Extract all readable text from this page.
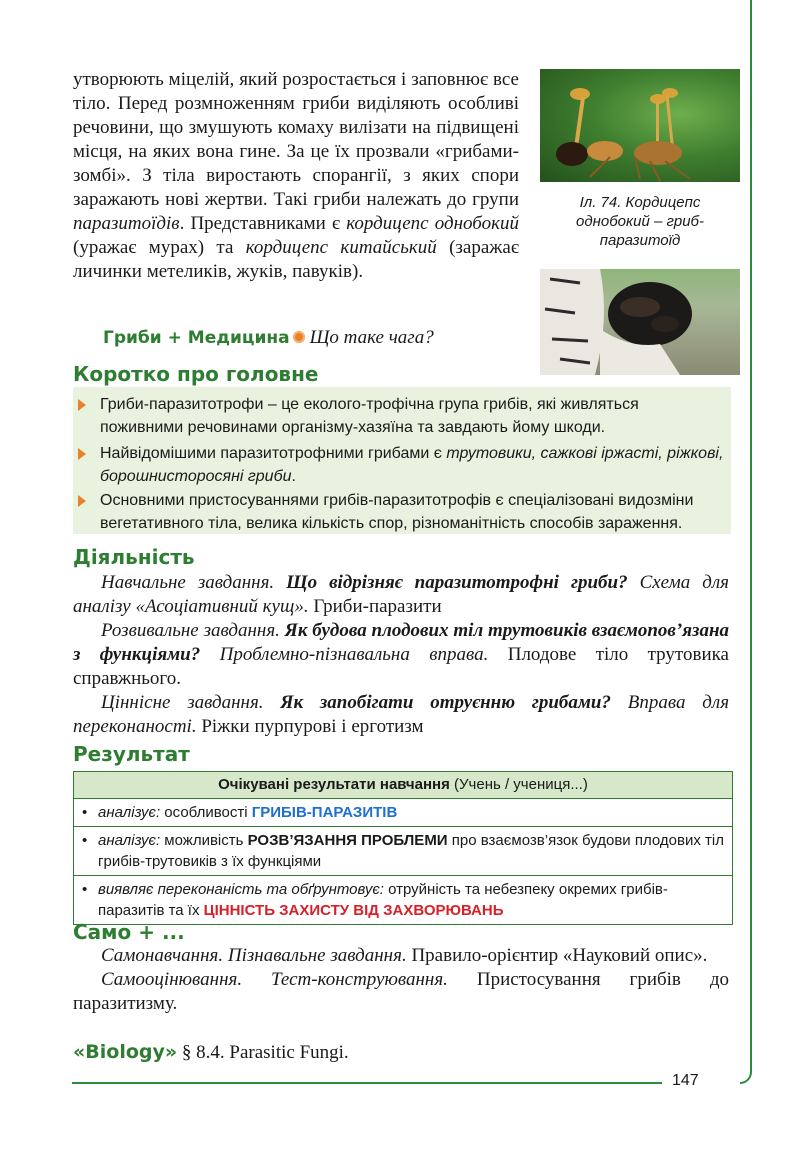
утворюють міцелій, який розростається і заповнює все тіло. Перед розмноженням гриби виділяють особливі речовини, що змушують комаху вилізати на підвищені місця, на яких вона гине. За це їх прозвали «грибами-зомбі». З тіла виростають спорангії, з яких спори заражають нові жертви. Такі гриби належать до групи паразитоїдів. Представниками є кордицепс однобокий (уражає мурах) та кордицепс китайський (заражає личинки метеликів, жуків, павуків).
Іл. 74. Кордицепс однобокий – гриб-паразитоїд
Гриби + Медицина Що таке чага?
Коротко про головне
Гриби-паразитотрофи – це еколого-трофічна група грибів, які живляться поживними речовинами організму-хазяїна та завдають йому шкоди.
Найвідомішими паразитотрофними грибами є трутовики, сажкові іржасті, ріжкові, борошнисторосяні гриби.
Основними пристосуваннями грибів-паразитотрофів є спеціалізовані видозміни вегетативного тіла, велика кількість спор, різноманітність способів зараження.
Діяльність

Навчальне завдання. Що відрізняє паразитотрофні гриби? Схема для аналізу «Асоціативний кущ». Гриби-паразити

Розвивальне завдання. Як будова плодових тіл трутовиків взаємопов’язана з функціями? Проблемно-пізнавальна вправа. Плодове тіло трутовика справжнього.

Ціннісне завдання. Як запобігати отруєнню грибами? Вправа для переконаності. Ріжки пурпурові і ерготизм

Результат
Очікувані результати навчання (Учень / учениця...)
• аналізує: особливості ГРИБІВ-ПАРАЗИТІВ
• аналізує: можливість РОЗВ’ЯЗАННЯ ПРОБЛЕМИ про взаємозв’язок будови плодових тіл грибів-трутовиків з їх функціями
• виявляє переконаність та обґрунтовує: отруйність та небезпеку окремих грибів-паразитів та їх ЦІННІСТЬ ЗАХИСТУ ВІД ЗАХВОРЮВАНЬ
Само + ...

Самонавчання. Пізнавальне завдання. Правило-орієнтир «Науковий опис».

Самооцінювання. Тест-конструювання. Пристосування грибів до паразитизму.

«Biology» § 8.4. Parasitic Fungi.
147
